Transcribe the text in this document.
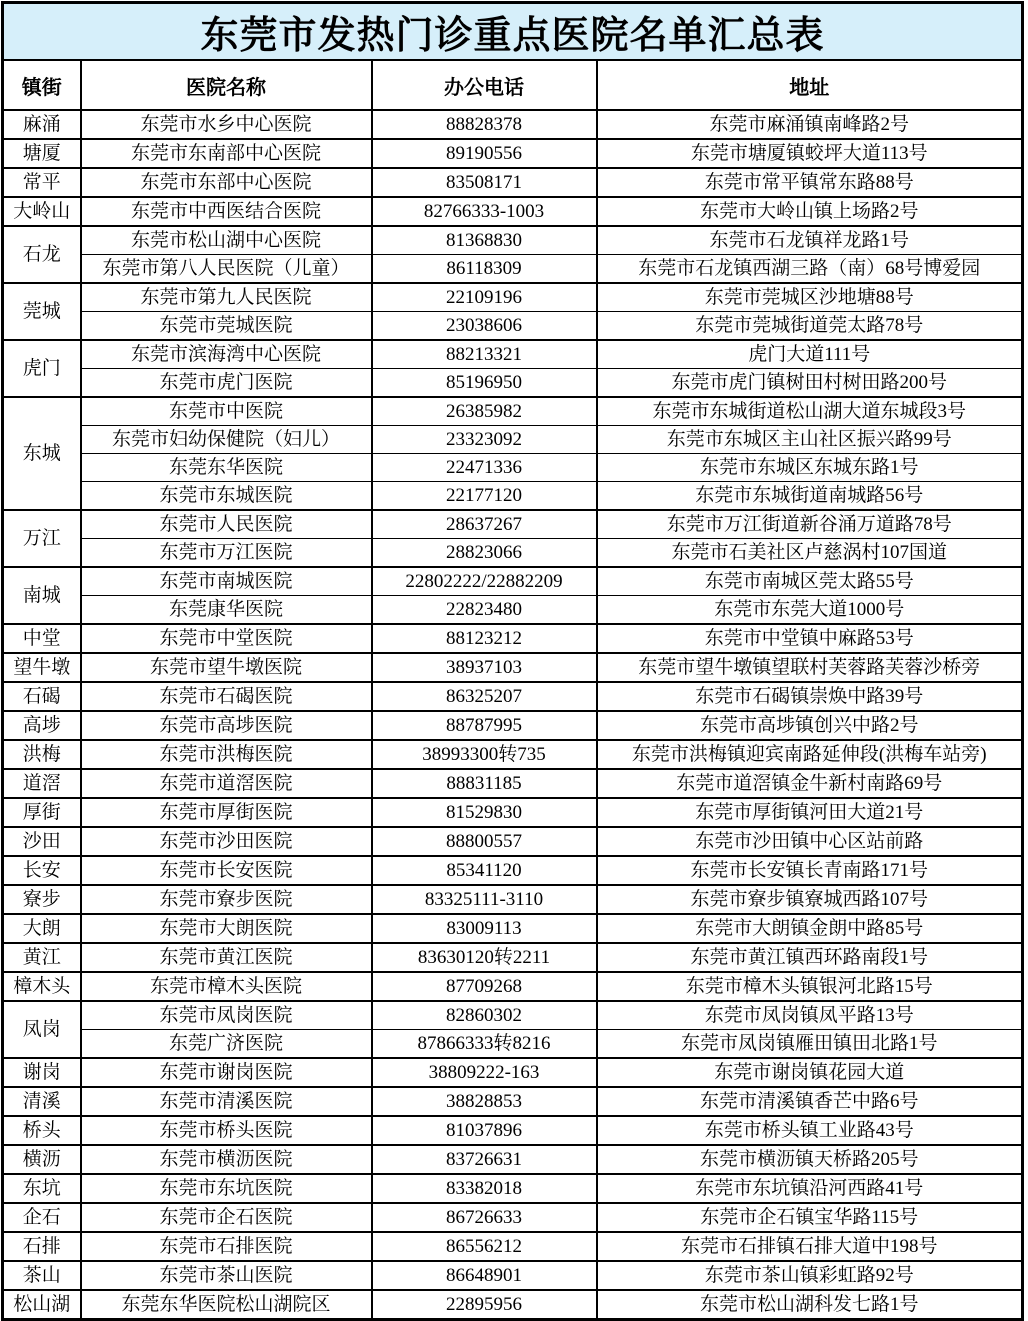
东莞市发热门诊重点医院名单汇总表			
镇街	医院名称	办公电话	地址
麻涌	东莞市水乡中心医院	88828378	东莞市麻涌镇南峰路2号
塘厦	东莞市东南部中心医院	89190556	东莞市塘厦镇蛟坪大道113号
常平	东莞市东部中心医院	83508171	东莞市常平镇常东路88号
大岭山	东莞市中西医结合医院	82766333-1003	东莞市大岭山镇上场路2号
石龙	东莞市松山湖中心医院	81368830	东莞市石龙镇祥龙路1号
	东莞市第八人民医院（儿童）	86118309	东莞市石龙镇西湖三路（南）68号博爱园
莞城	东莞市第九人民医院	22109196	东莞市莞城区沙地塘88号
	东莞市莞城医院	23038606	东莞市莞城街道莞太路78号
虎门	东莞市滨海湾中心医院	88213321	虎门大道111号
	东莞市虎门医院	85196950	东莞市虎门镇树田村树田路200号
东城	东莞市中医院	26385982	东莞市东城街道松山湖大道东城段3号
	东莞市妇幼保健院（妇儿）	23323092	东莞市东城区主山社区振兴路99号
	东莞东华医院	22471336	东莞市东城区东城东路1号
	东莞市东城医院	22177120	东莞市东城街道南城路56号
万江	东莞市人民医院	28637267	东莞市万江街道新谷涌万道路78号
	东莞市万江医院	28823066	东莞市石美社区卢慈涡村107国道
南城	东莞市南城医院	22802222/22882209	东莞市南城区莞太路55号
	东莞康华医院	22823480	东莞市东莞大道1000号
中堂	东莞市中堂医院	88123212	东莞市中堂镇中麻路53号
望牛墩	东莞市望牛墩医院	38937103	东莞市望牛墩镇望联村芙蓉路芙蓉沙桥旁
石碣	东莞市石碣医院	86325207	东莞市石碣镇崇焕中路39号
高埗	东莞市高埗医院	88787995	东莞市高埗镇创兴中路2号
洪梅	东莞市洪梅医院	38993300转735	东莞市洪梅镇迎宾南路延伸段(洪梅车站旁)
道滘	东莞市道滘医院	88831185	东莞市道滘镇金牛新村南路69号
厚街	东莞市厚街医院	81529830	东莞市厚街镇河田大道21号
沙田	东莞市沙田医院	88800557	东莞市沙田镇中心区站前路
长安	东莞市长安医院	85341120	东莞市长安镇长青南路171号
寮步	东莞市寮步医院	83325111-3110	东莞市寮步镇寮城西路107号
大朗	东莞市大朗医院	83009113	东莞市大朗镇金朗中路85号
黄江	东莞市黄江医院	83630120转2211	东莞市黄江镇西环路南段1号
樟木头	东莞市樟木头医院	87709268	东莞市樟木头镇银河北路15号
凤岗	东莞市凤岗医院	82860302	东莞市凤岗镇凤平路13号
	东莞广济医院	87866333转8216	东莞市凤岗镇雁田镇田北路1号
谢岗	东莞市谢岗医院	38809222-163	东莞市谢岗镇花园大道
清溪	东莞市清溪医院	38828853	东莞市清溪镇香芒中路6号
桥头	东莞市桥头医院	81037896	东莞市桥头镇工业路43号
横沥	东莞市横沥医院	83726631	东莞市横沥镇天桥路205号
东坑	东莞市东坑医院	83382018	东莞市东坑镇沿河西路41号
企石	东莞市企石医院	86726633	东莞市企石镇宝华路115号
石排	东莞市石排医院	86556212	东莞市石排镇石排大道中198号
茶山	东莞市茶山医院	86648901	东莞市茶山镇彩虹路92号
松山湖	东莞东华医院松山湖院区	22895956	东莞市松山湖科发七路1号
